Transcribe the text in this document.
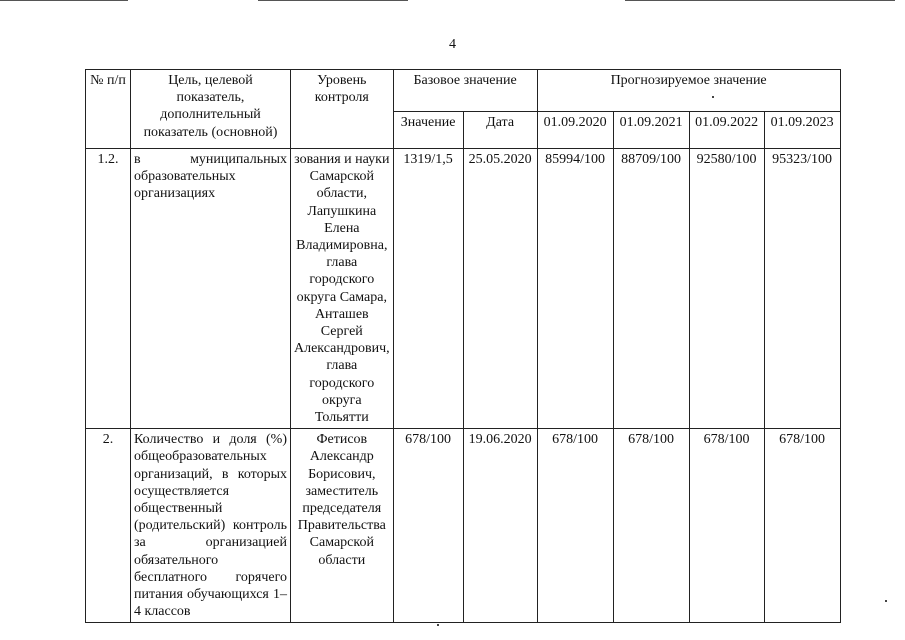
4
№ п/п	Цель, целевой показатель, дополнительный показатель (основной)	Уровень контроля	Базовое значение		Прогнозируемое значение			
			Значение	Дата	01.09.2020	01.09.2021	01.09.2022	01.09.2023
1.2.	в муниципальных образовательных организациях	зования и науки Самарской области, Лапушкина Елена Владимировна, глава городского округа Самара, Анташев Сергей Александрович, глава городского округа Тольятти	1319/1,5	25.05.2020	85994/100	88709/100	92580/100	95323/100
2.	Количество и доля (%) общеобразовательных организаций, в которых осуществляется общественный (родительский) контроль за организацией обязательного бесплатного горячего питания обучающихся 1–4 классов	Фетисов Александр Борисович, заместитель председателя Правительства Самарской области	678/100	19.06.2020	678/100	678/100	678/100	678/100
